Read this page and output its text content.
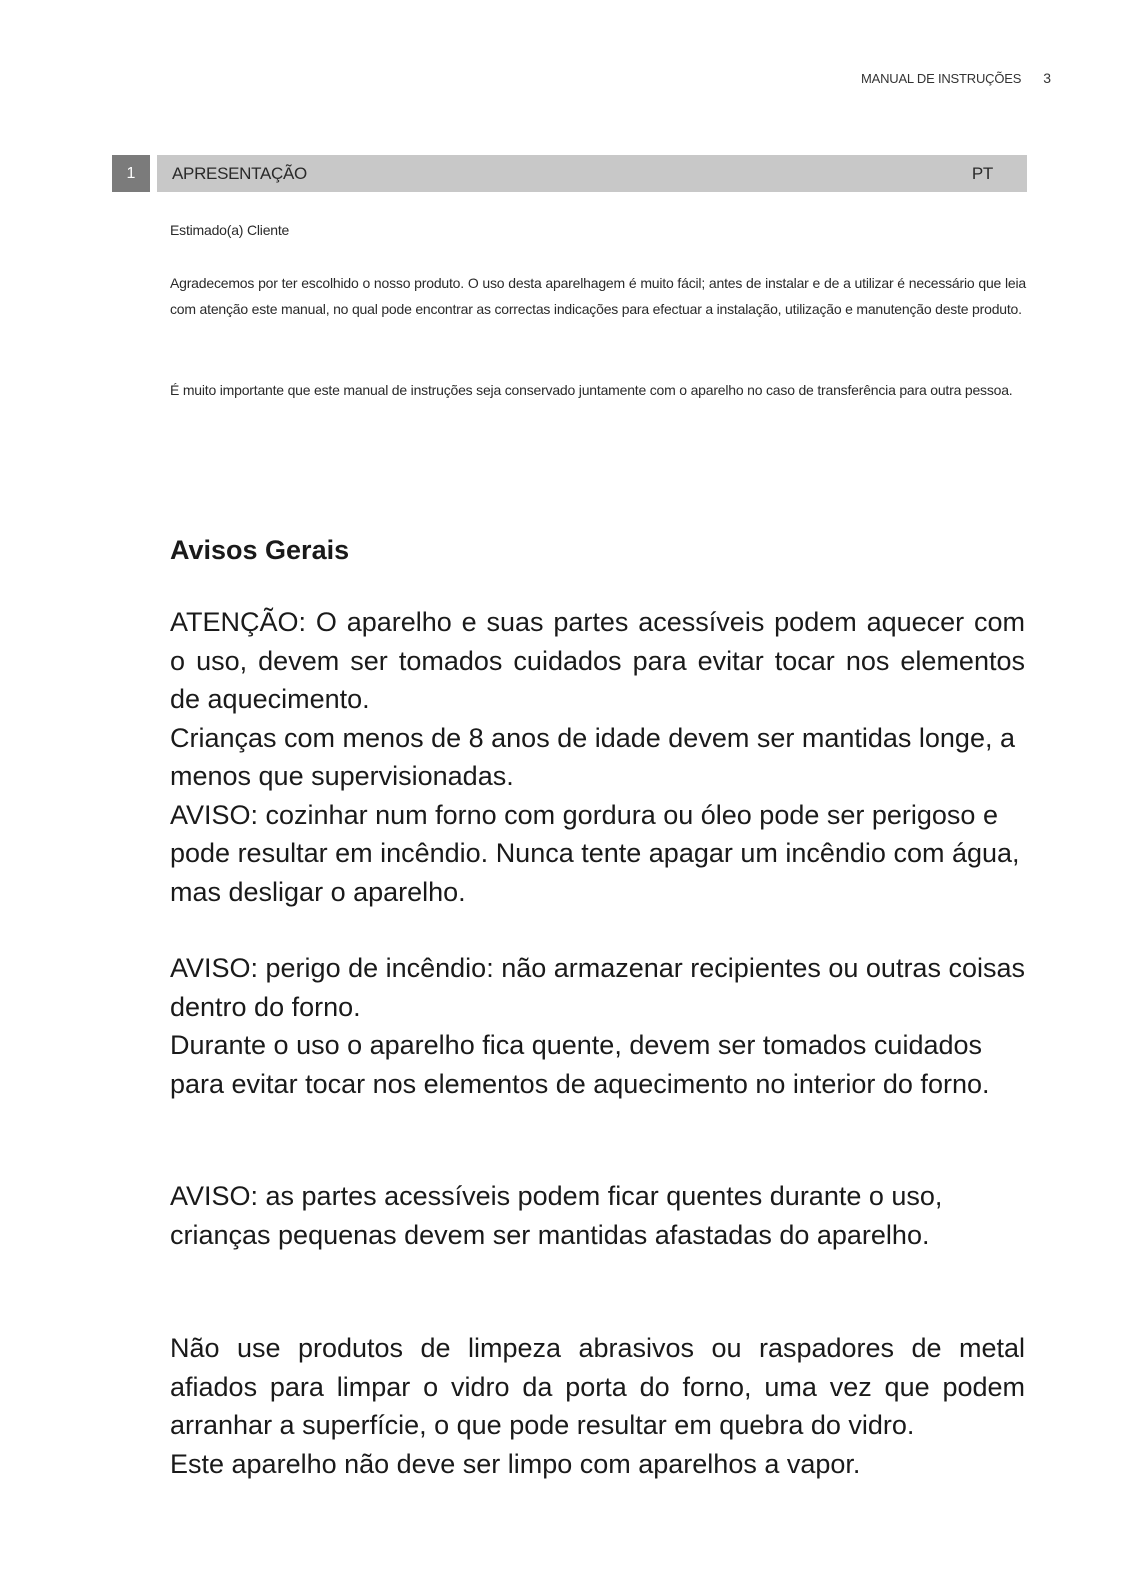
MANUAL DE INSTRUÇÕES 3
1	APRESENTAÇÃO	PT

Estimado(a) Cliente

Agradecemos por ter escolhido o nosso produto. O uso desta aparelhagem é muito fácil; antes de instalar e de a utilizar é necessário que leia com atenção este manual, no qual pode encontrar as correctas indicações para efectuar a instalação, utilização e manutenção deste produto.

É muito importante que este manual de instruções seja conservado juntamente com o aparelho no caso de transferência para outra pessoa.

Avisos Gerais

ATENÇÃO: O aparelho e suas partes acessíveis podem aquecer com o uso, devem ser tomados cuidados para evitar tocar nos elementos de aquecimento.

Crianças com menos de 8 anos de idade devem ser mantidas longe, a menos que supervisionadas.

AVISO: cozinhar num forno com gordura ou óleo pode ser perigoso e pode resultar em incêndio. Nunca tente apagar um incêndio com água, mas desligar o aparelho.

AVISO: perigo de incêndio: não armazenar recipientes ou outras coisas dentro do forno.

Durante o uso o aparelho fica quente, devem ser tomados cuidados para evitar tocar nos elementos de aquecimento no interior do forno.

AVISO: as partes acessíveis podem ficar quentes durante o uso, crianças pequenas devem ser mantidas afastadas do aparelho.

Não use produtos de limpeza abrasivos ou raspadores de metal afiados para limpar o vidro da porta do forno, uma vez que podem arranhar a superfície, o que pode resultar em quebra do vidro.

Este aparelho não deve ser limpo com aparelhos a vapor.
